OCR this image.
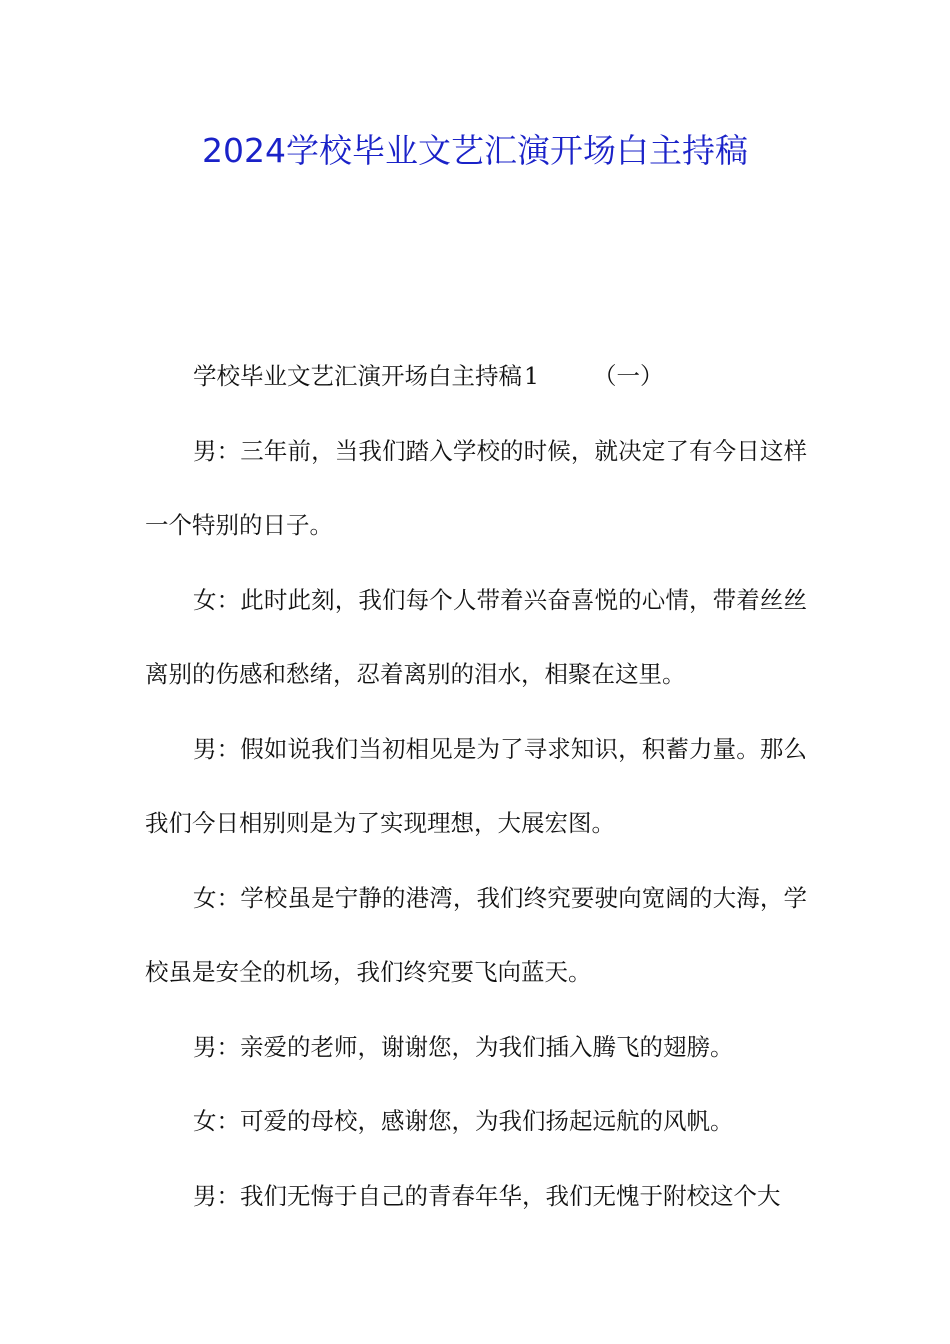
2024学校毕业文艺汇演开场白主持稿

学校毕业文艺汇演开场白主持稿1 （一）

男：三年前，当我们踏入学校的时候，就决定了有今日这样一个特别的日子。

女：此时此刻，我们每个人带着兴奋喜悦的心情，带着丝丝离别的伤感和愁绪，忍着离别的泪水，相聚在这里。

男：假如说我们当初相见是为了寻求知识，积蓄力量。那么我们今日相别则是为了实现理想，大展宏图。

女：学校虽是宁静的港湾，我们终究要驶向宽阔的大海，学校虽是安全的机场，我们终究要飞向蓝天。

男：亲爱的老师，谢谢您，为我们插入腾飞的翅膀。

女：可爱的母校，感谢您，为我们扬起远航的风帆。

男：我们无悔于自己的青春年华，我们无愧于附校这个大
